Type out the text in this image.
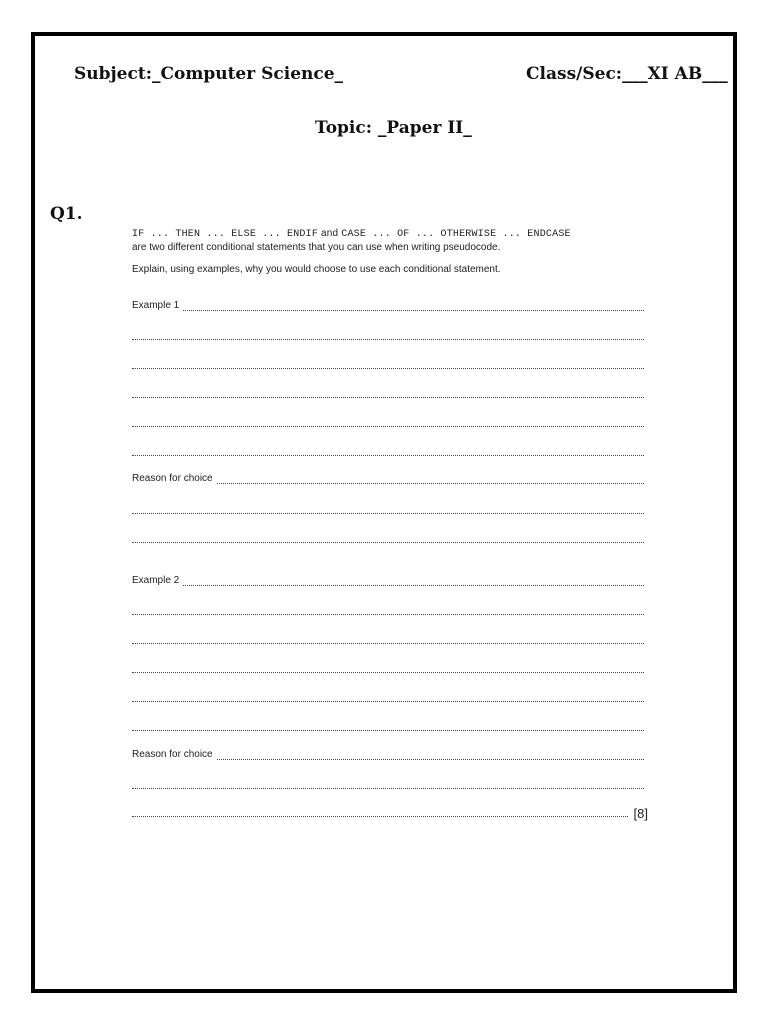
Subject:_Computer Science_	Class/Sec:___XI AB___
Topic: _Paper II_
Q1.
IF ... THEN ... ELSE ... ENDIF and CASE ... OF ... OTHERWISE ... ENDCASE
are two different conditional statements that you can use when writing pseudocode.
Explain, using examples, why you would choose to use each conditional statement.
Example 1
Reason for choice
Example 2
Reason for choice
[8]
